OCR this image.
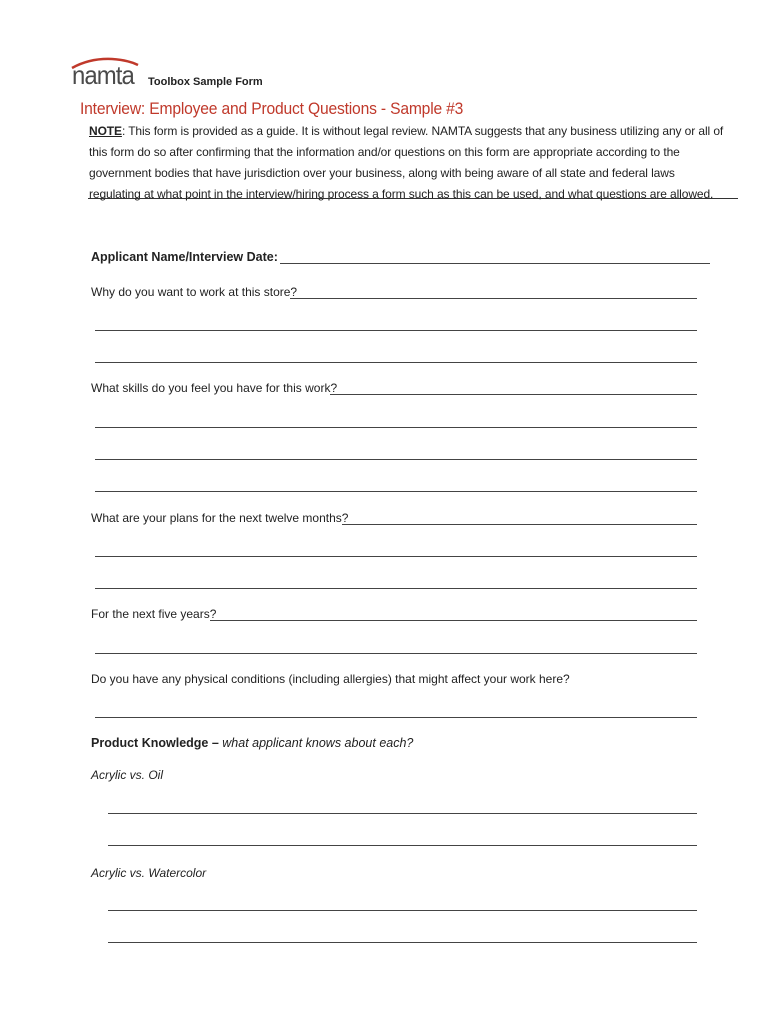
namta Toolbox Sample Form
Interview: Employee and Product Questions - Sample #3
NOTE: This form is provided as a guide. It is without legal review. NAMTA suggests that any business utilizing any or all of this form do so after confirming that the information and/or questions on this form are appropriate according to the government bodies that have jurisdiction over your business, along with being aware of all state and federal laws regulating at what point in the interview/hiring process a form such as this can be used, and what questions are allowed.
Applicant Name/Interview Date:
Why do you want to work at this store?
What skills do you feel you have for this work?
What are your plans for the next twelve months?
For the next five years?
Do you have any physical conditions (including allergies) that might affect your work here?
Product Knowledge – what applicant knows about each?
Acrylic vs. Oil
Acrylic vs. Watercolor
